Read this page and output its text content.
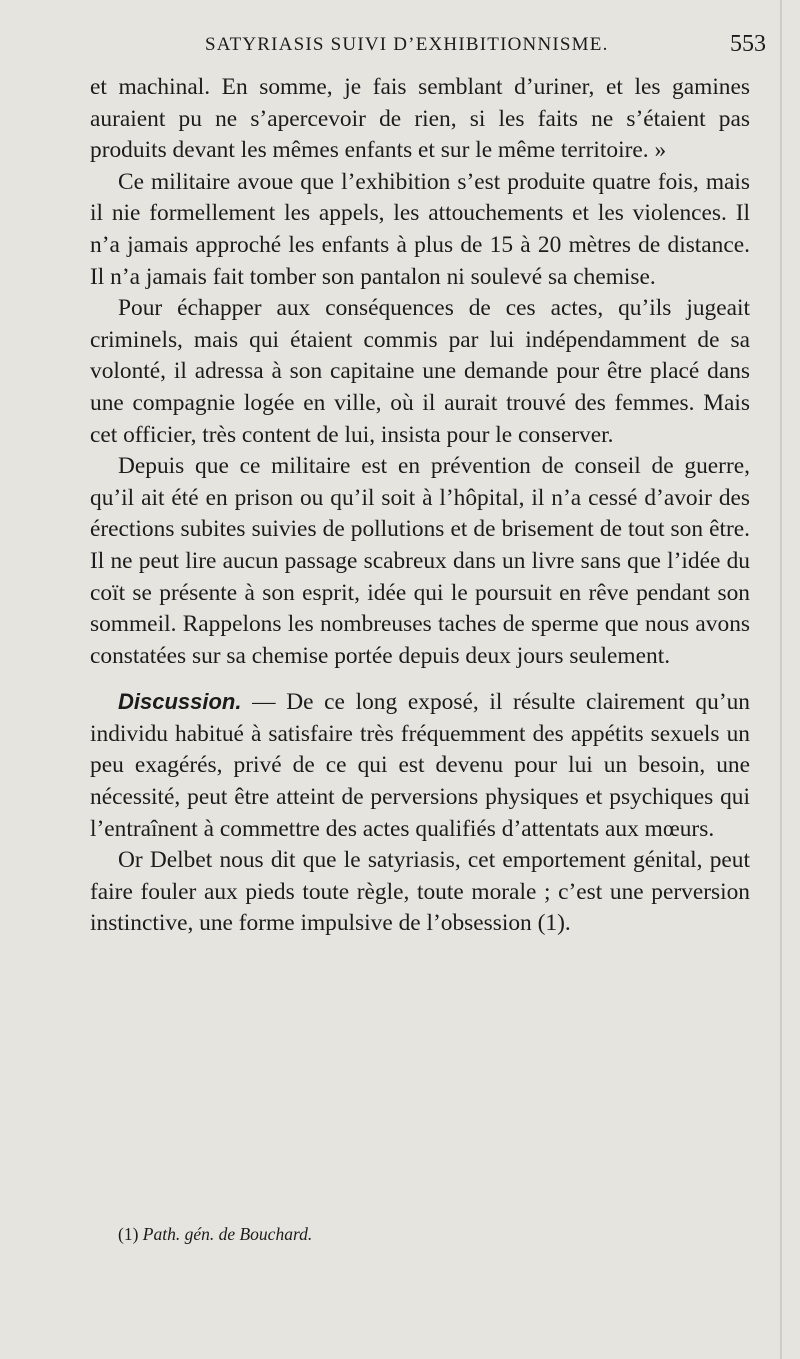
SATYRIASIS SUIVI D’EXHIBITIONNISME.	553

et machinal. En somme, je fais semblant d’uriner, et les gamines auraient pu ne s’apercevoir de rien, si les faits ne s’étaient pas produits devant les mêmes enfants et sur le même territoire. »

Ce militaire avoue que l’exhibition s’est produite quatre fois, mais il nie formellement les appels, les attouchements et les violences. Il n’a jamais approché les enfants à plus de 15 à 20 mètres de distance. Il n’a jamais fait tomber son pantalon ni soulevé sa chemise.

Pour échapper aux conséquences de ces actes, qu’ils jugeait criminels, mais qui étaient commis par lui indépendamment de sa volonté, il adressa à son capitaine une demande pour être placé dans une compagnie logée en ville, où il aurait trouvé des femmes. Mais cet officier, très content de lui, insista pour le conserver.

Depuis que ce militaire est en prévention de conseil de guerre, qu’il ait été en prison ou qu’il soit à l’hôpital, il n’a cessé d’avoir des érections subites suivies de pollutions et de brisement de tout son être. Il ne peut lire aucun passage scabreux dans un livre sans que l’idée du coït se présente à son esprit, idée qui le poursuit en rêve pendant son sommeil. Rappelons les nombreuses taches de sperme que nous avons constatées sur sa chemise portée depuis deux jours seulement.

Discussion. — De ce long exposé, il résulte clairement qu’un individu habitué à satisfaire très fréquemment des appétits sexuels un peu exagérés, privé de ce qui est devenu pour lui un besoin, une nécessité, peut être atteint de perversions physiques et psychiques qui l’entraînent à commettre des actes qualifiés d’attentats aux mœurs.

Or Delbet nous dit que le satyriasis, cet emportement génital, peut faire fouler aux pieds toute règle, toute morale ; c’est une perversion instinctive, une forme impulsive de l’obsession (1).

(1) Path. gén. de Bouchard.
